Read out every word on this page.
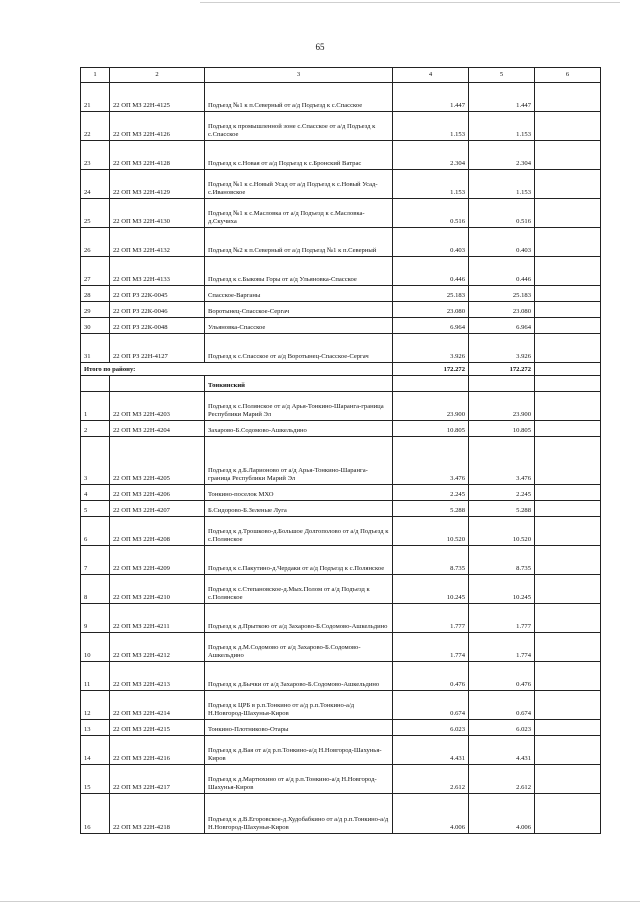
65
1	2	3	4	5	6
21	22 ОП МЗ 22Н-4125	Подъезд №1 к п.Северный от а/д Подъезд к с.Спасское	1.447	1.447	
22	22 ОП МЗ 22Н-4126	Подъезд к промышленной зоне с.Спасское от а/д Подъезд к с.Спасское	1.153	1.153	
23	22 ОП МЗ 22Н-4128	Подъезд к с.Новая от а/д Подъезд к с.Бронский Ватрас	2.304	2.304	
24	22 ОП МЗ 22Н-4129	Подъезд №1 к с.Новый Усад от а/д Подъезд к с.Новый Усад-с.Ивановское	1.153	1.153	
25	22 ОП МЗ 22Н-4130	Подъезд №1 к с.Масловка от а/д Подъезд к с.Масловка-д.Скучиха	0.516	0.516	
26	22 ОП МЗ 22Н-4132	Подъезд №2 к п.Северный от а/д Подъезд №1 к п.Северный	0.403	0.403	
27	22 ОП МЗ 22Н-4133	Подъезд к с.Быковы Горы от а/д Ульяновка-Спасское	0.446	0.446	
28	22 ОП РЗ 22К-0045	Спасское-Варганы	25.183	25.183	
29	22 ОП РЗ 22К-0046	Воротынец-Спасское-Сергач	23.080	23.080	
30	22 ОП РЗ 22К-0048	Ульяновка-Спасское	6.964	6.964	
31	22 ОП РЗ 22Н-4127	Подъезд к с.Спасское от а/д Воротынец-Спасское-Сергач	3.926	3.926	
Итого по району:			172.272	172.272	
		Тонкинский			
1	22 ОП МЗ 22Н-4203	Подъезд к с.Полянское от а/д Арья-Тонкино-Шаранга-граница Республики Марий Эл	23.900	23.900	
2	22 ОП МЗ 22Н-4204	Захарово-Б.Содомово-Ашкельдино	10.805	10.805	
3	22 ОП МЗ 22Н-4205	Подъезд к д.Б.Ларионово от а/д Арья-Тонкино-Шаранга-граница Республики Марий Эл	3.476	3.476	
4	22 ОП МЗ 22Н-4206	Тонкино-поселок МХО	2.245	2.245	
5	22 ОП МЗ 22Н-4207	Б.Сидорово-Б.Зеленые Луга	5.288	5.288	
6	22 ОП МЗ 22Н-4208	Подъезд к д.Трошково-д.Большое Долгополово от а/д Подъезд к с.Полянское	10.520	10.520	
7	22 ОП МЗ 22Н-4209	Подъезд к с.Пакутино-д.Чердаки от а/д Подъезд к с.Полянское	8.735	8.735	
8	22 ОП МЗ 22Н-4210	Подъезд к с.Степановское-д.Мых.Полом от а/д Подъезд к с.Полянское	10.245	10.245	
9	22 ОП МЗ 22Н-4211	Подъезд к д.Прыткою от а/д Захарово-Б.Содомово-Ашкельдино	1.777	1.777	
10	22 ОП МЗ 22Н-4212	Подъезд к д.М.Содомово от а/д Захарово-Б.Содомово-Ашкельдино	1.774	1.774	
11	22 ОП МЗ 22Н-4213	Подъезд к д.Бычки от а/д Захарово-Б.Содомово-Ашкельдино	0.476	0.476	
12	22 ОП МЗ 22Н-4214	Подъезд к ЦРБ в р.п.Тонкино от а/д р.п.Тонкино-а/д Н.Новгород-Шахунья-Киров	0.674	0.674	
13	22 ОП МЗ 22Н-4215	Тонкино-Плотниково-Отары	6.023	6.023	
14	22 ОП МЗ 22Н-4216	Подъезд к д.Вая от а/д р.п.Тонкино-а/д Н.Новгород-Шахунья-Киров	4.431	4.431	
15	22 ОП МЗ 22Н-4217	Подъезд к д.Мартюхино от а/д р.п.Тонкино-а/д Н.Новгород-Шахунья-Киров	2.612	2.612	
16	22 ОП МЗ 22Н-4218	Подъезд к д.В.Егоровское-д.Худобабкино от а/д р.п.Тонкино-а/д Н.Новгород-Шахунья-Киров	4.006	4.006	
